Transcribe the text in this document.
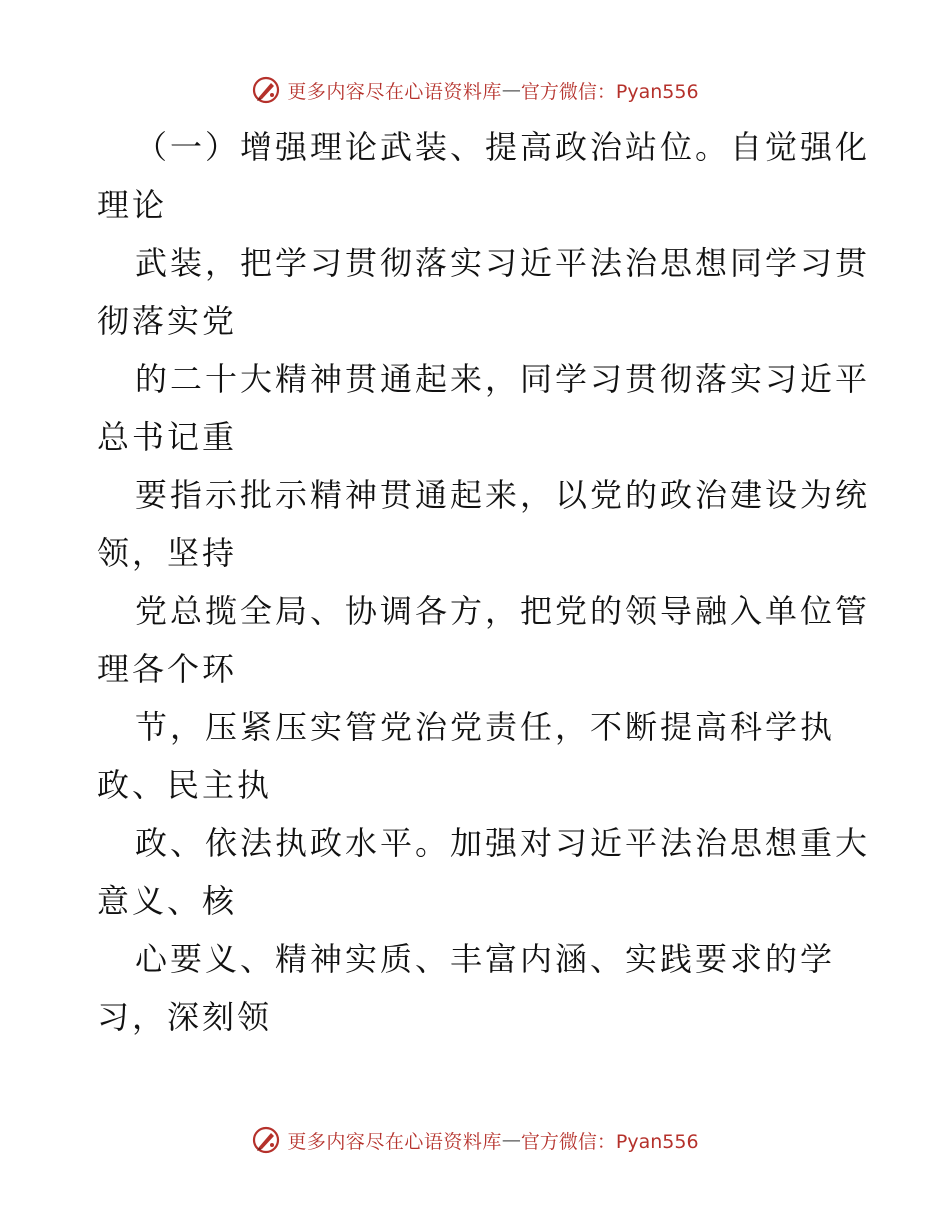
更多内容尽在心语资料库 — 官方微信：Pyan556
（一）增强理论武装、提高政治站位。自觉强化
理论
武装，把学习贯彻落实习近平法治思想同学习贯
彻落实党
的二十大精神贯通起来，同学习贯彻落实习近平
总书记重
要指示批示精神贯通起来，以党的政治建设为统
领，坚持
党总揽全局、协调各方，把党的领导融入单位管
理各个环
节，压紧压实管党治党责任，不断提高科学执
政、民主执
政、依法执政水平。加强对习近平法治思想重大
意义、核
心要义、精神实质、丰富内涵、实践要求的学
习，深刻领
更多内容尽在心语资料库 — 官方微信：Pyan556
